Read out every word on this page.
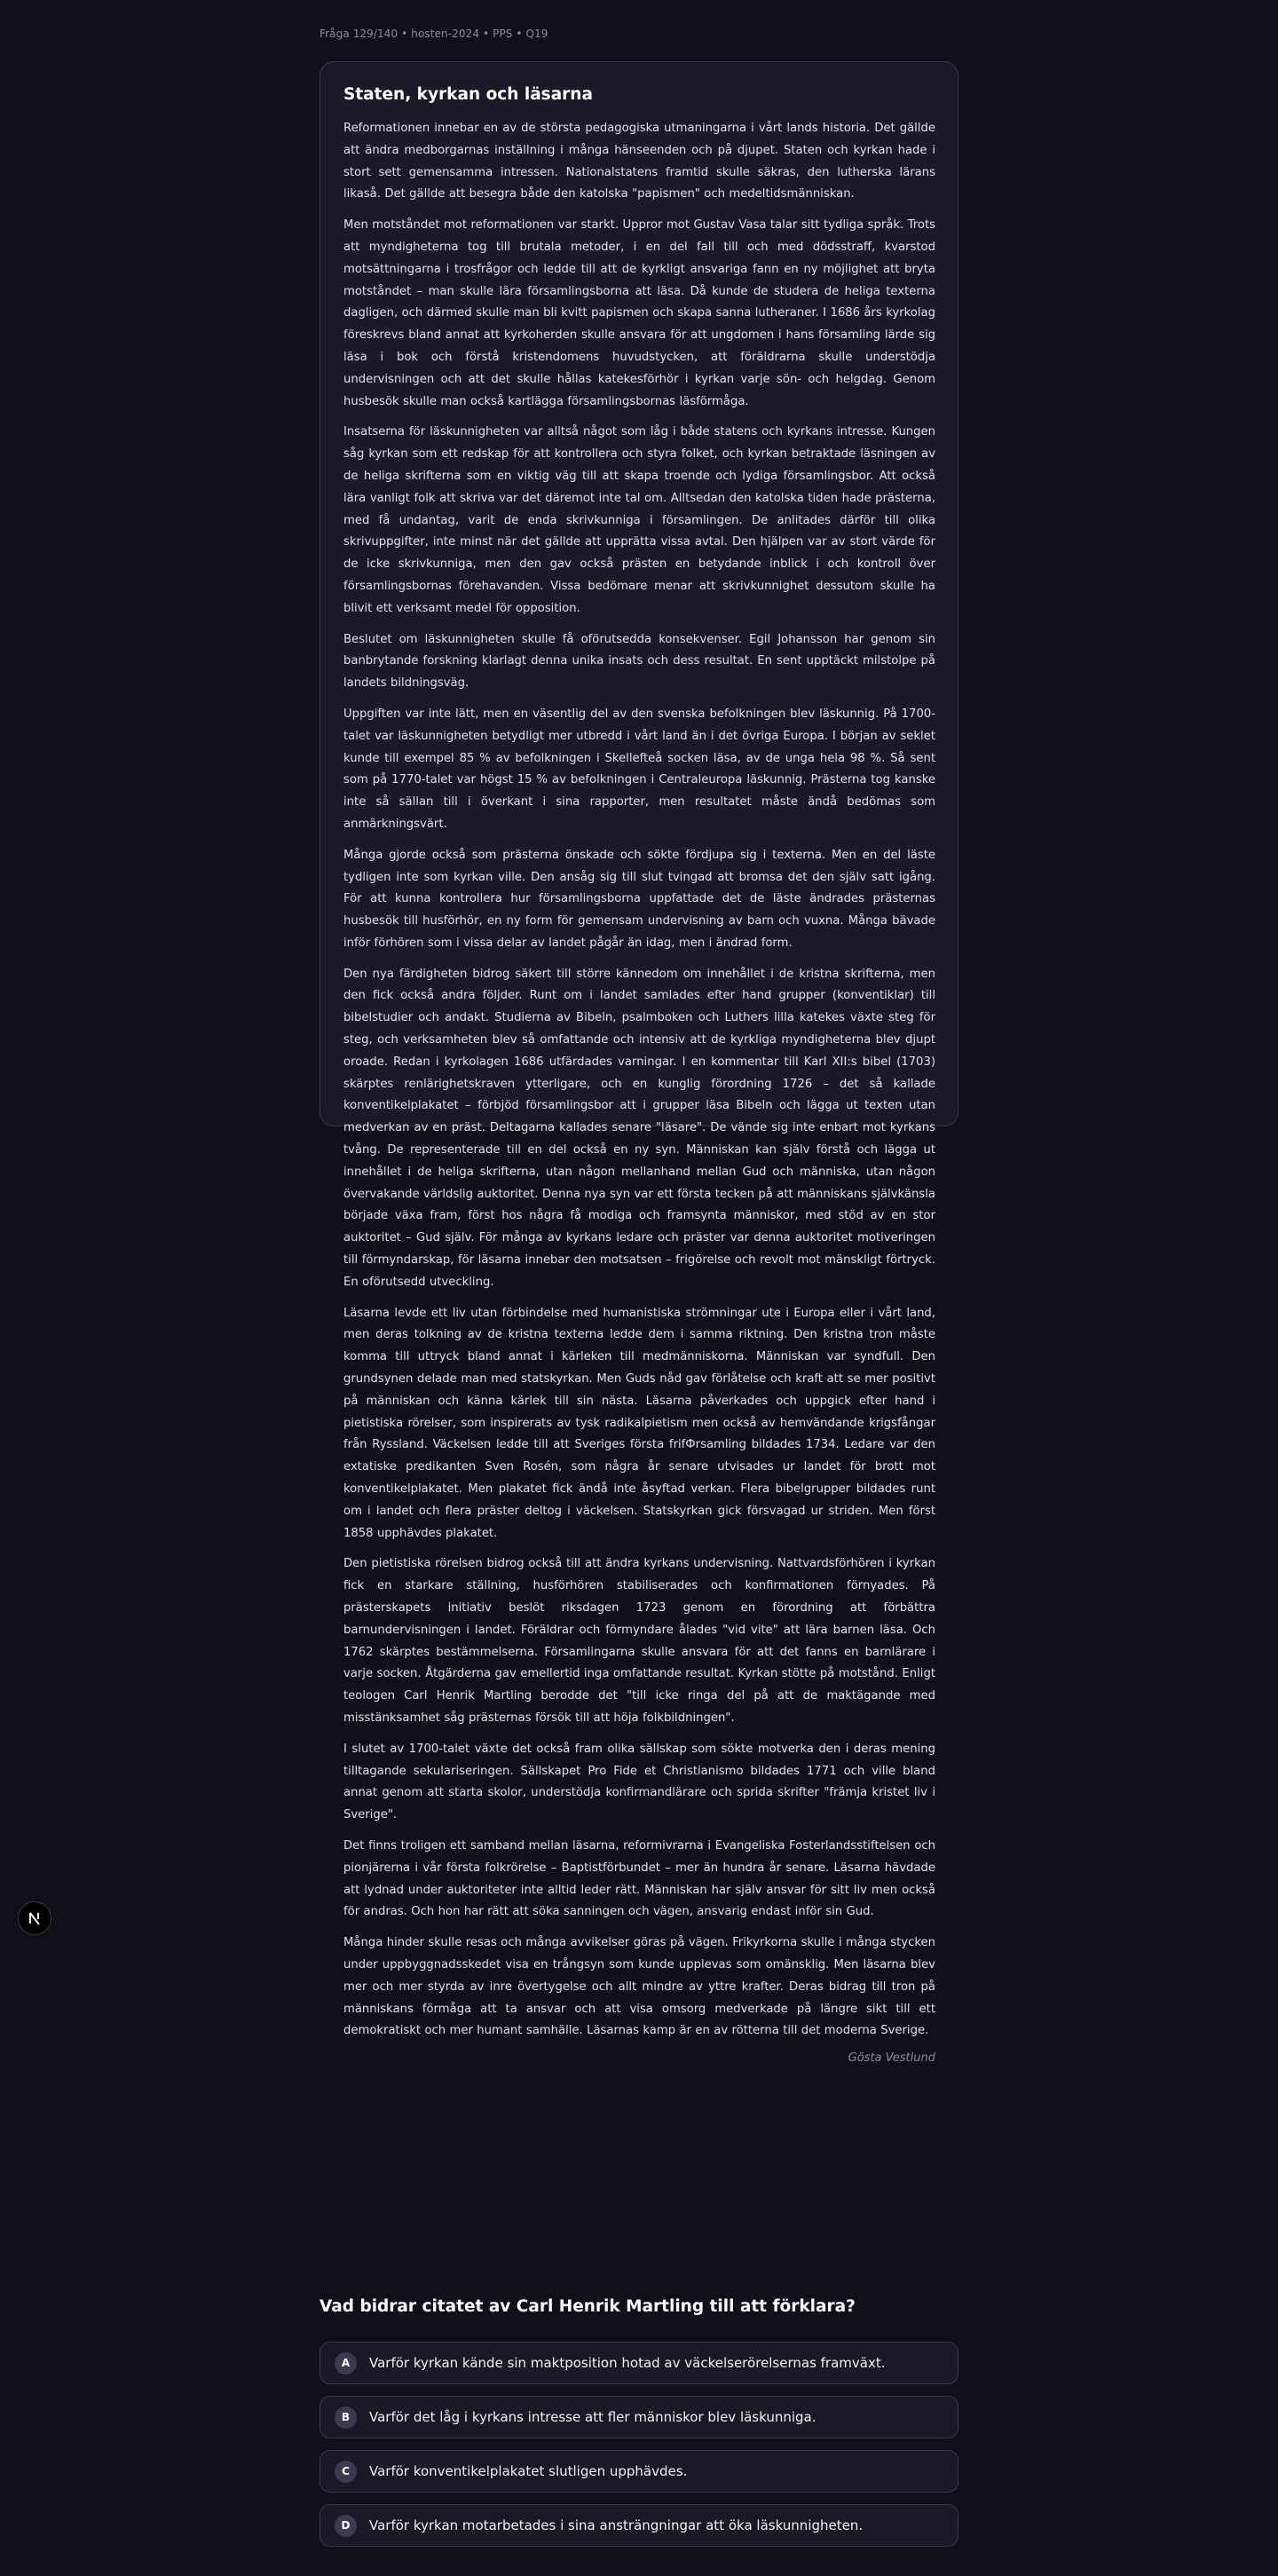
Fråga 129/140 • hosten-2024 • PPS • Q19
Staten, kyrkan och läsarna

Reformationen innebar en av de största pedagogiska utmaningarna i vårt lands historia. Det gällde att ändra medborgarnas inställning i många hänseenden och på djupet. Staten och kyrkan hade i stort sett gemensamma intressen. Nationalstatens framtid skulle säkras, den lutherska lärans likaså. Det gällde att besegra både den katolska "papismen" och medeltidsmänniskan.

Men motståndet mot reformationen var starkt. Uppror mot Gustav Vasa talar sitt tydliga språk. Trots att myndigheterna tog till brutala metoder, i en del fall till och med dödsstraff, kvarstod motsättningarna i trosfrågor och ledde till att de kyrkligt ansvariga fann en ny möjlighet att bryta motståndet – man skulle lära församlingsborna att läsa. Då kunde de studera de heliga texterna dagligen, och därmed skulle man bli kvitt papismen och skapa sanna lutheraner. I 1686 års kyrkolag föreskrevs bland annat att kyrkoherden skulle ansvara för att ungdomen i hans församling lärde sig läsa i bok och förstå kristendomens huvudstycken, att föräldrarna skulle understödja undervisningen och att det skulle hållas katekesförhör i kyrkan varje sön- och helgdag. Genom husbesök skulle man också kartlägga församlingsbornas läsförmåga.

Insatserna för läskunnigheten var alltså något som låg i både statens och kyrkans intresse. Kungen såg kyrkan som ett redskap för att kontrollera och styra folket, och kyrkan betraktade läsningen av de heliga skrifterna som en viktig väg till att skapa troende och lydiga församlingsbor. Att också lära vanligt folk att skriva var det däremot inte tal om. Alltsedan den katolska tiden hade prästerna, med få undantag, varit de enda skrivkunniga i församlingen. De anlitades därför till olika skrivuppgifter, inte minst när det gällde att upprätta vissa avtal. Den hjälpen var av stort värde för de icke skrivkunniga, men den gav också prästen en betydande inblick i och kontroll över församlingsbornas förehavanden. Vissa bedömare menar att skrivkunnighet dessutom skulle ha blivit ett verksamt medel för opposition.

Beslutet om läskunnigheten skulle få oförutsedda konsekvenser. Egil Johansson har genom sin banbrytande forskning klarlagt denna unika insats och dess resultat. En sent upptäckt milstolpe på landets bildningsväg.

Uppgiften var inte lätt, men en väsentlig del av den svenska befolkningen blev läskunnig. På 1700-talet var läskunnigheten betydligt mer utbredd i vårt land än i det övriga Europa. I början av seklet kunde till exempel 85 % av befolkningen i Skellefteå socken läsa, av de unga hela 98 %. Så sent som på 1770-talet var högst 15 % av befolkningen i Centraleuropa läskunnig. Prästerna tog kanske inte så sällan till i överkant i sina rapporter, men resultatet måste ändå bedömas som anmärkningsvärt.

Många gjorde också som prästerna önskade och sökte fördjupa sig i texterna. Men en del läste tydligen inte som kyrkan ville. Den ansåg sig till slut tvingad att bromsa det den själv satt igång. För att kunna kontrollera hur församlingsborna uppfattade det de läste ändrades prästernas husbesök till husförhör, en ny form för gemensam undervisning av barn och vuxna. Många bävade inför förhören som i vissa delar av landet pågår än idag, men i ändrad form.

Den nya färdigheten bidrog säkert till större kännedom om innehållet i de kristna skrifterna, men den fick också andra följder. Runt om i landet samlades efter hand grupper (konventiklar) till bibelstudier och andakt. Studierna av Bibeln, psalmboken och Luthers lilla katekes växte steg för steg, och verksamheten blev så omfattande och intensiv att de kyrkliga myndigheterna blev djupt oroade. Redan i kyrkolagen 1686 utfärdades varningar. I en kommentar till Karl XII:s bibel (1703) skärptes renlärighetskraven ytterligare, och en kunglig förordning 1726 – det så kallade konventikelplakatet – förbjöd församlingsbor att i grupper läsa Bibeln och lägga ut texten utan medverkan av en präst. Deltagarna kallades senare "läsare". De vände sig inte enbart mot kyrkans tvång. De representerade till en del också en ny syn. Människan kan själv förstå och lägga ut innehållet i de heliga skrifterna, utan någon mellanhand mellan Gud och människa, utan någon övervakande världslig auktoritet. Denna nya syn var ett första tecken på att människans självkänsla började växa fram, först hos några få modiga och framsynta människor, med stöd av en stor auktoritet – Gud själv. För många av kyrkans ledare och präster var denna auktoritet motiveringen till förmyndarskap, för läsarna innebar den motsatsen – frigörelse och revolt mot mänskligt förtryck. En oförutsedd utveckling.

Läsarna levde ett liv utan förbindelse med humanistiska strömningar ute i Europa eller i vårt land, men deras tolkning av de kristna texterna ledde dem i samma riktning. Den kristna tron måste komma till uttryck bland annat i kärleken till medmänniskorna. Människan var syndfull. Den grundsynen delade man med statskyrkan. Men Guds nåd gav förlåtelse och kraft att se mer positivt på människan och känna kärlek till sin nästa. Läsarna påverkades och uppgick efter hand i pietistiska rörelser, som inspirerats av tysk radikalpietism men också av hemvändande krigsfångar från Ryssland. Väckelsen ledde till att Sveriges första frifФrsamling bildades 1734. Ledare var den extatiske predikanten Sven Rosén, som några år senare utvisades ur landet för brott mot konventikelplakatet. Men plakatet fick ändå inte åsyftad verkan. Flera bibelgrupper bildades runt om i landet och flera präster deltog i väckelsen. Statskyrkan gick försvagad ur striden. Men först 1858 upphävdes plakatet.

Den pietistiska rörelsen bidrog också till att ändra kyrkans undervisning. Nattvardsförhören i kyrkan fick en starkare ställning, husförhören stabiliserades och konfirmationen förnyades. På prästerskapets initiativ beslöt riksdagen 1723 genom en förordning att förbättra barnundervisningen i landet. Föräldrar och förmyndare ålades "vid vite" att lära barnen läsa. Och 1762 skärptes bestämmelserna. Församlingarna skulle ansvara för att det fanns en barnlärare i varje socken. Åtgärderna gav emellertid inga omfattande resultat. Kyrkan stötte på motstånd. Enligt teologen Carl Henrik Martling berodde det "till icke ringa del på att de maktägande med misstänksamhet såg prästernas försök till att höja folkbildningen".

I slutet av 1700-talet växte det också fram olika sällskap som sökte motverka den i deras mening tilltagande sekulariseringen. Sällskapet Pro Fide et Christianismo bildades 1771 och ville bland annat genom att starta skolor, understödja konfirmandlärare och sprida skrifter "främja kristet liv i Sverige".

Det finns troligen ett samband mellan läsarna, reformivrarna i Evangeliska Fosterlandsstiftelsen och pionjärerna i vår första folkrörelse – Baptistförbundet – mer än hundra år senare. Läsarna hävdade att lydnad under auktoriteter inte alltid leder rätt. Människan har själv ansvar för sitt liv men också för andras. Och hon har rätt att söka sanningen och vägen, ansvarig endast inför sin Gud.

Många hinder skulle resas och många avvikelser göras på vägen. Frikyrkorna skulle i många stycken under uppbyggnadsskedet visa en trångsyn som kunde upplevas som omänsklig. Men läsarna blev mer och mer styrda av inre övertygelse och allt mindre av yttre krafter. Deras bidrag till tron på människans förmåga att ta ansvar och att visa omsorg medverkade på längre sikt till ett demokratiskt och mer humant samhälle. Läsarnas kamp är en av rötterna till det moderna Sverige.

Gösta Vestlund
Vad bidrar citatet av Carl Henrik Martling till att förklara?
A	Varför kyrkan kände sin maktposition hotad av väckelserörelsernas framväxt.
B	Varför det låg i kyrkans intresse att fler människor blev läskunniga.
C	Varför konventikelplakatet slutligen upphävdes.
D	Varför kyrkan motarbetades i sina ansträngningar att öka läskunnigheten.
